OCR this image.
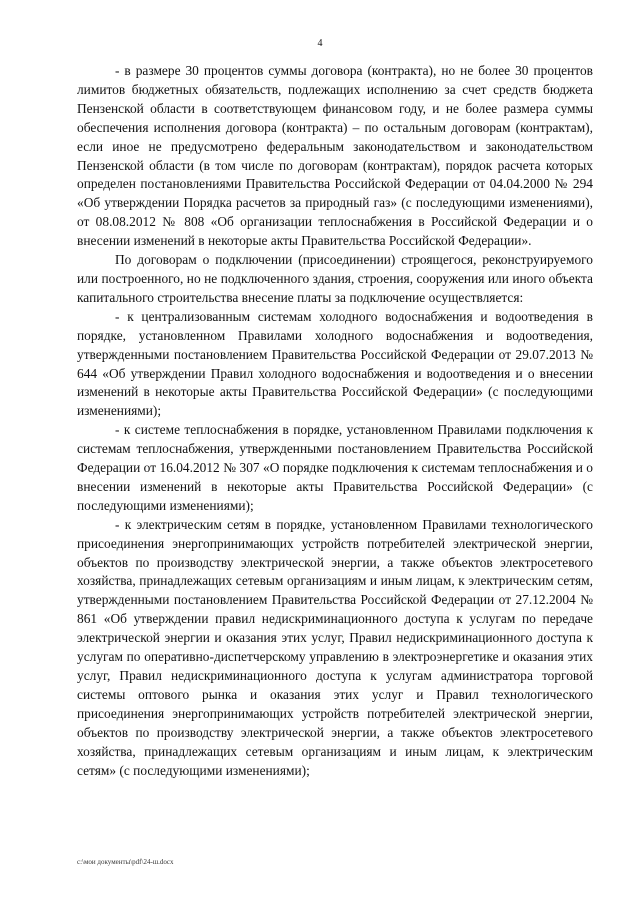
4

- в размере 30 процентов суммы договора (контракта), но не более 30 процентов лимитов бюджетных обязательств, подлежащих исполнению за счет средств бюджета Пензенской области в соответствующем финансовом году, и не более размера суммы обеспечения исполнения договора (контракта) – по остальным договорам (контрактам), если иное не предусмотрено федеральным законодательством и законодательством Пензенской области (в том числе по договорам (контрактам), порядок расчета которых определен постановлениями Правительства Российской Федерации от 04.04.2000 № 294 «Об утверждении Порядка расчетов за природный газ» (с последующими изменениями), от 08.08.2012 № 808 «Об организации теплоснабжения в Российской Федерации и о внесении изменений в некоторые акты Правительства Российской Федерации».

По договорам о подключении (присоединении) строящегося, реконструируемого или построенного, но не подключенного здания, строения, сооружения или иного объекта капитального строительства внесение платы за подключение осуществляется:

- к централизованным системам холодного водоснабжения и водоотведения в порядке, установленном Правилами холодного водоснабжения и водоотведения, утвержденными постановлением Правительства Российской Федерации от 29.07.2013 № 644 «Об утверждении Правил холодного водоснабжения и водоотведения и о внесении изменений в некоторые акты Правительства Российской Федерации» (с последующими изменениями);

- к системе теплоснабжения в порядке, установленном Правилами подключения к системам теплоснабжения, утвержденными постановлением Правительства Российской Федерации от 16.04.2012 № 307 «О порядке подключения к системам теплоснабжения и о внесении изменений в некоторые акты Правительства Российской Федерации» (с последующими изменениями);

- к электрическим сетям в порядке, установленном Правилами технологического присоединения энергопринимающих устройств потребителей электрической энергии, объектов по производству электрической энергии, а также объектов электросетевого хозяйства, принадлежащих сетевым организациям и иным лицам, к электрическим сетям, утвержденными постановлением Правительства Российской Федерации от 27.12.2004 № 861 «Об утверждении правил недискриминационного доступа к услугам по передаче электрической энергии и оказания этих услуг, Правил недискриминационного доступа к услугам по оперативно-диспетчерскому управлению в электроэнергетике и оказания этих услуг, Правил недискриминационного доступа к услугам администратора торговой системы оптового рынка и оказания этих услуг и Правил технологического присоединения энергопринимающих устройств потребителей электрической энергии, объектов по производству электрической энергии, а также объектов электросетевого хозяйства, принадлежащих сетевым организациям и иным лицам, к электрическим сетям» (с последующими изменениями);

c:\мои документы\pdf\24-ш.docx
